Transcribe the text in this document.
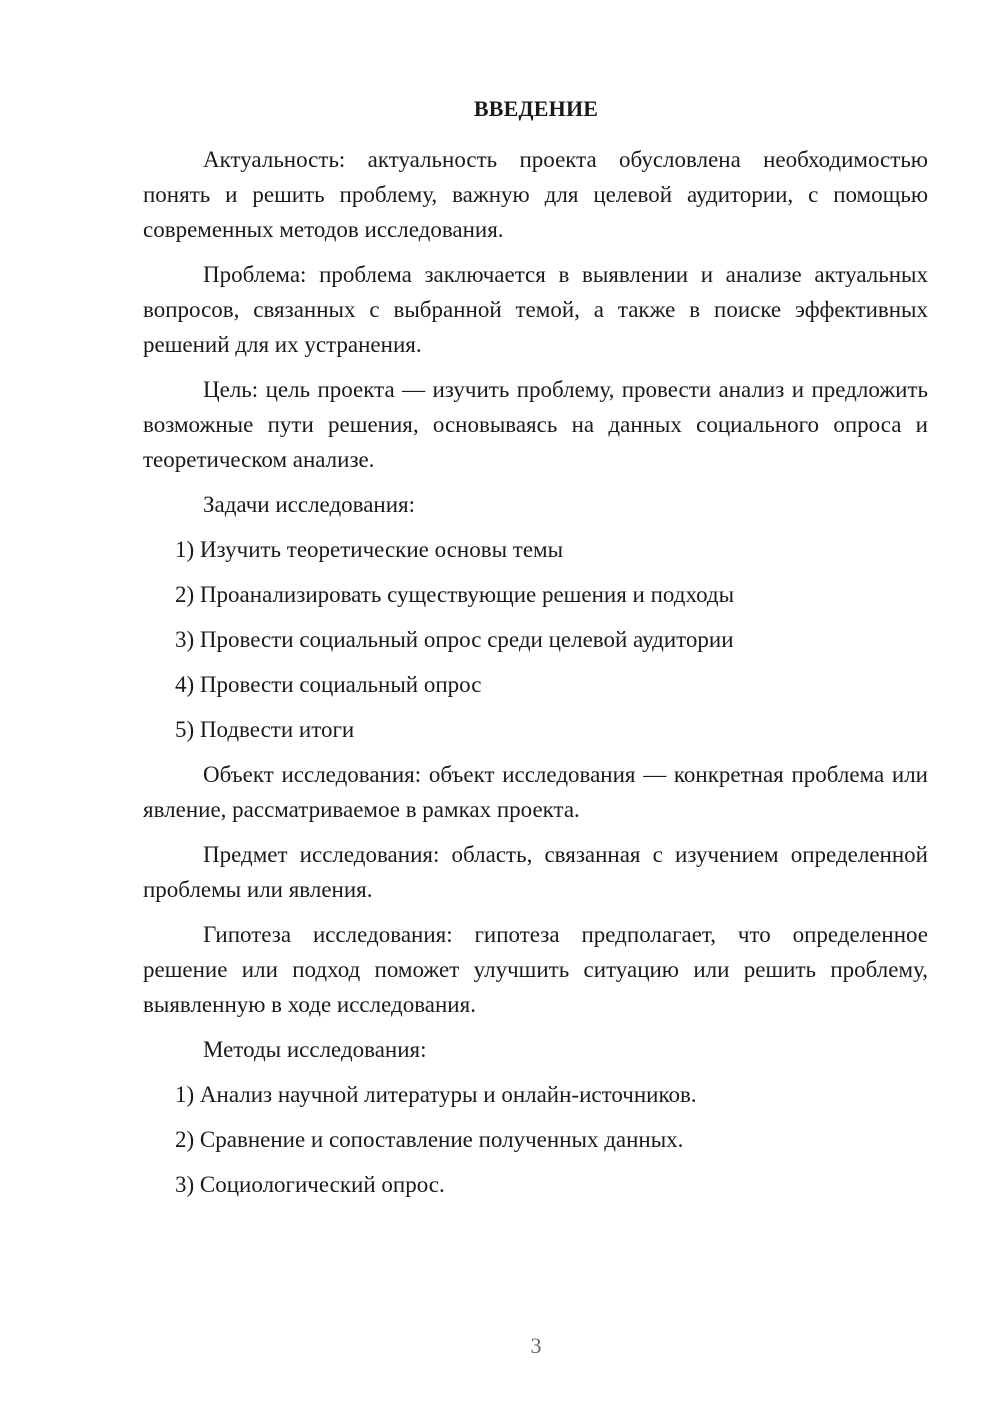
ВВЕДЕНИЕ

Актуальность: актуальность проекта обусловлена необходимостью понять и решить проблему, важную для целевой аудитории, с помощью современных методов исследования.

Проблема: проблема заключается в выявлении и анализе актуальных вопросов, связанных с выбранной темой, а также в поиске эффективных решений для их устранения.

Цель: цель проекта — изучить проблему, провести анализ и предложить возможные пути решения, основываясь на данных социального опроса и теоретическом анализе.

Задачи исследования:

1) Изучить теоретические основы темы
2) Проанализировать существующие решения и подходы
3) Провести социальный опрос среди целевой аудитории
4) Провести социальный опрос
5) Подвести итоги

Объект исследования: объект исследования — конкретная проблема или явление, рассматриваемое в рамках проекта.

Предмет исследования: область, связанная с изучением определенной проблемы или явления.

Гипотеза исследования: гипотеза предполагает, что определенное решение или подход поможет улучшить ситуацию или решить проблему, выявленную в ходе исследования.

Методы исследования:

1) Анализ научной литературы и онлайн-источников.
2) Сравнение и сопоставление полученных данных.
3) Социологический опрос.
3
